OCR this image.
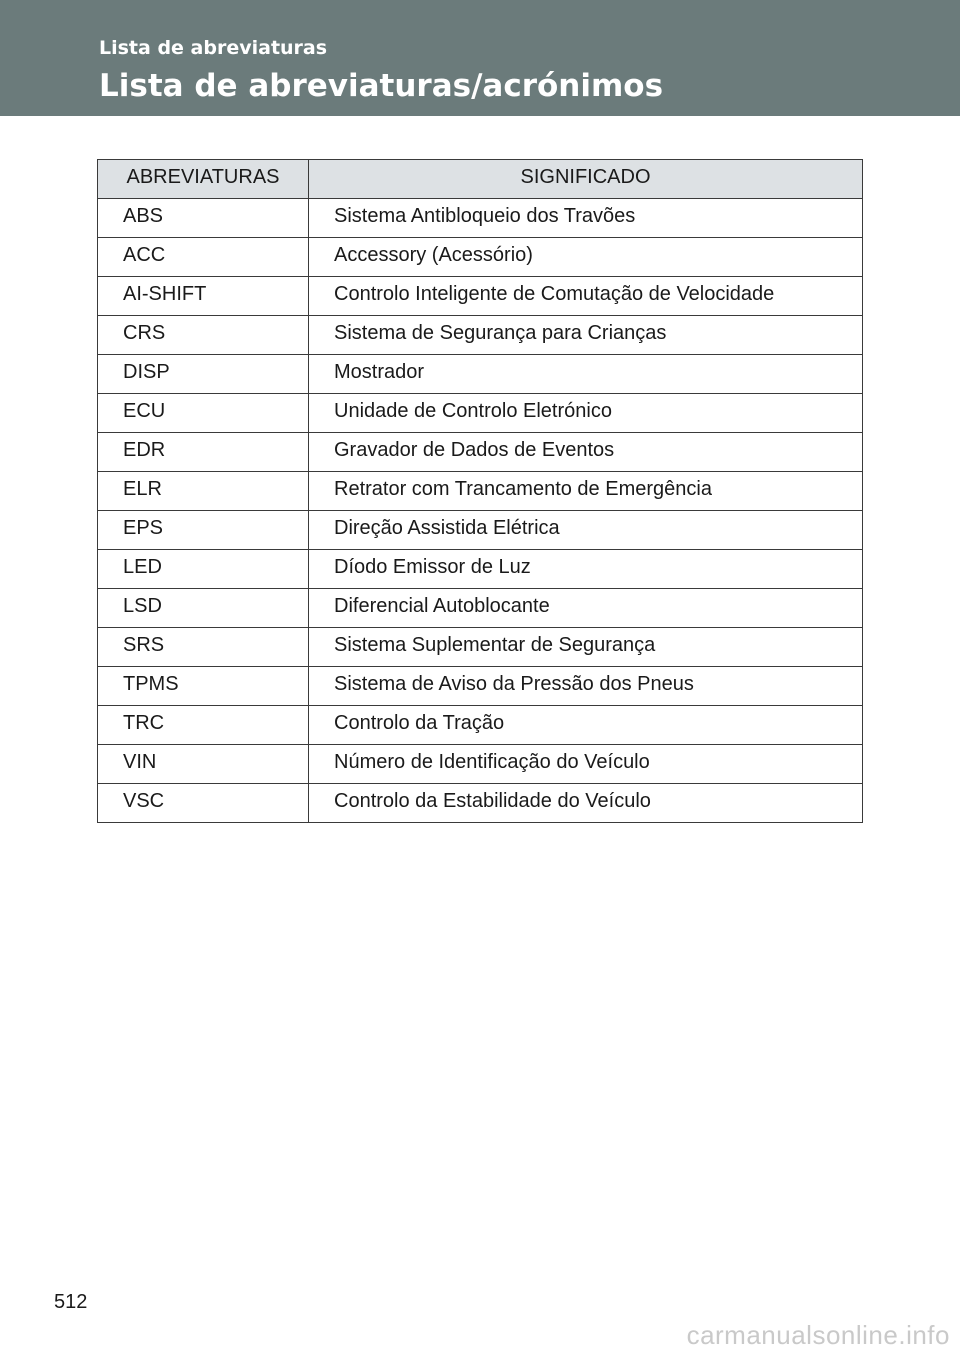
Lista de abreviaturas
Lista de abreviaturas/acrónimos
ABREVIATURAS	SIGNIFICADO
ABS	Sistema Antibloqueio dos Travões
ACC	Accessory (Acessório)
AI-SHIFT	Controlo Inteligente de Comutação de Velocidade
CRS	Sistema de Segurança para Crianças
DISP	Mostrador
ECU	Unidade de Controlo Eletrónico
EDR	Gravador de Dados de Eventos
ELR	Retrator com Trancamento de Emergência
EPS	Direção Assistida Elétrica
LED	Díodo Emissor de Luz
LSD	Diferencial Autoblocante
SRS	Sistema Suplementar de Segurança
TPMS	Sistema de Aviso da Pressão dos Pneus
TRC	Controlo da Tração
VIN	Número de Identificação do Veículo
VSC	Controlo da Estabilidade do Veículo
512
carmanualsonline.info
